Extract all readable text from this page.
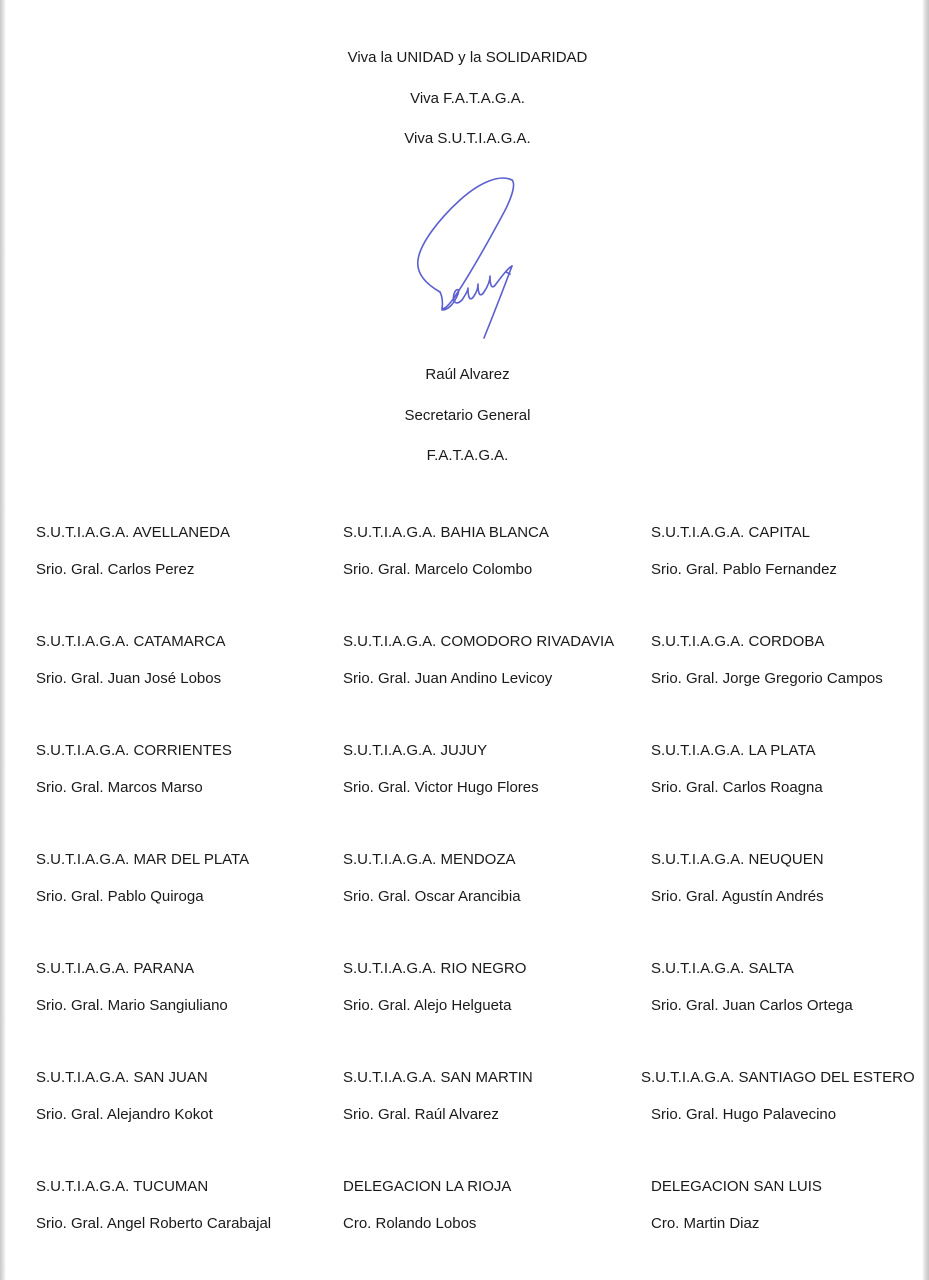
Viva la UNIDAD y la SOLIDARIDAD
Viva F.A.T.A.G.A.
Viva S.U.T.I.A.G.A.
Raúl Alvarez
Secretario General
F.A.T.A.G.A.
S.U.T.I.A.G.A. AVELLANEDA
Srio. Gral. Carlos Perez
S.U.T.I.A.G.A. BAHIA BLANCA
Srio. Gral. Marcelo Colombo
S.U.T.I.A.G.A. CAPITAL
Srio. Gral. Pablo Fernandez
S.U.T.I.A.G.A. CATAMARCA
Srio. Gral. Juan José Lobos
S.U.T.I.A.G.A. COMODORO RIVADAVIA
Srio. Gral. Juan Andino Levicoy
S.U.T.I.A.G.A. CORDOBA
Srio. Gral. Jorge Gregorio Campos
S.U.T.I.A.G.A. CORRIENTES
Srio. Gral. Marcos Marso
S.U.T.I.A.G.A. JUJUY
Srio. Gral. Victor Hugo Flores
S.U.T.I.A.G.A. LA PLATA
Srio. Gral. Carlos Roagna
S.U.T.I.A.G.A. MAR DEL PLATA
Srio. Gral. Pablo Quiroga
S.U.T.I.A.G.A. MENDOZA
Srio. Gral. Oscar Arancibia
S.U.T.I.A.G.A. NEUQUEN
Srio. Gral. Agustín Andrés
S.U.T.I.A.G.A. PARANA
Srio. Gral. Mario Sangiuliano
S.U.T.I.A.G.A. RIO NEGRO
Srio. Gral. Alejo Helgueta
S.U.T.I.A.G.A. SALTA
Srio. Gral. Juan Carlos Ortega
S.U.T.I.A.G.A. SAN JUAN
Srio. Gral. Alejandro Kokot
S.U.T.I.A.G.A. SAN MARTIN
Srio. Gral. Raúl Alvarez
S.U.T.I.A.G.A. SANTIAGO DEL ESTERO
Srio. Gral. Hugo Palavecino
S.U.T.I.A.G.A. TUCUMAN
Srio. Gral. Angel Roberto Carabajal
DELEGACION LA RIOJA
Cro. Rolando Lobos
DELEGACION SAN LUIS
Cro. Martin Diaz
